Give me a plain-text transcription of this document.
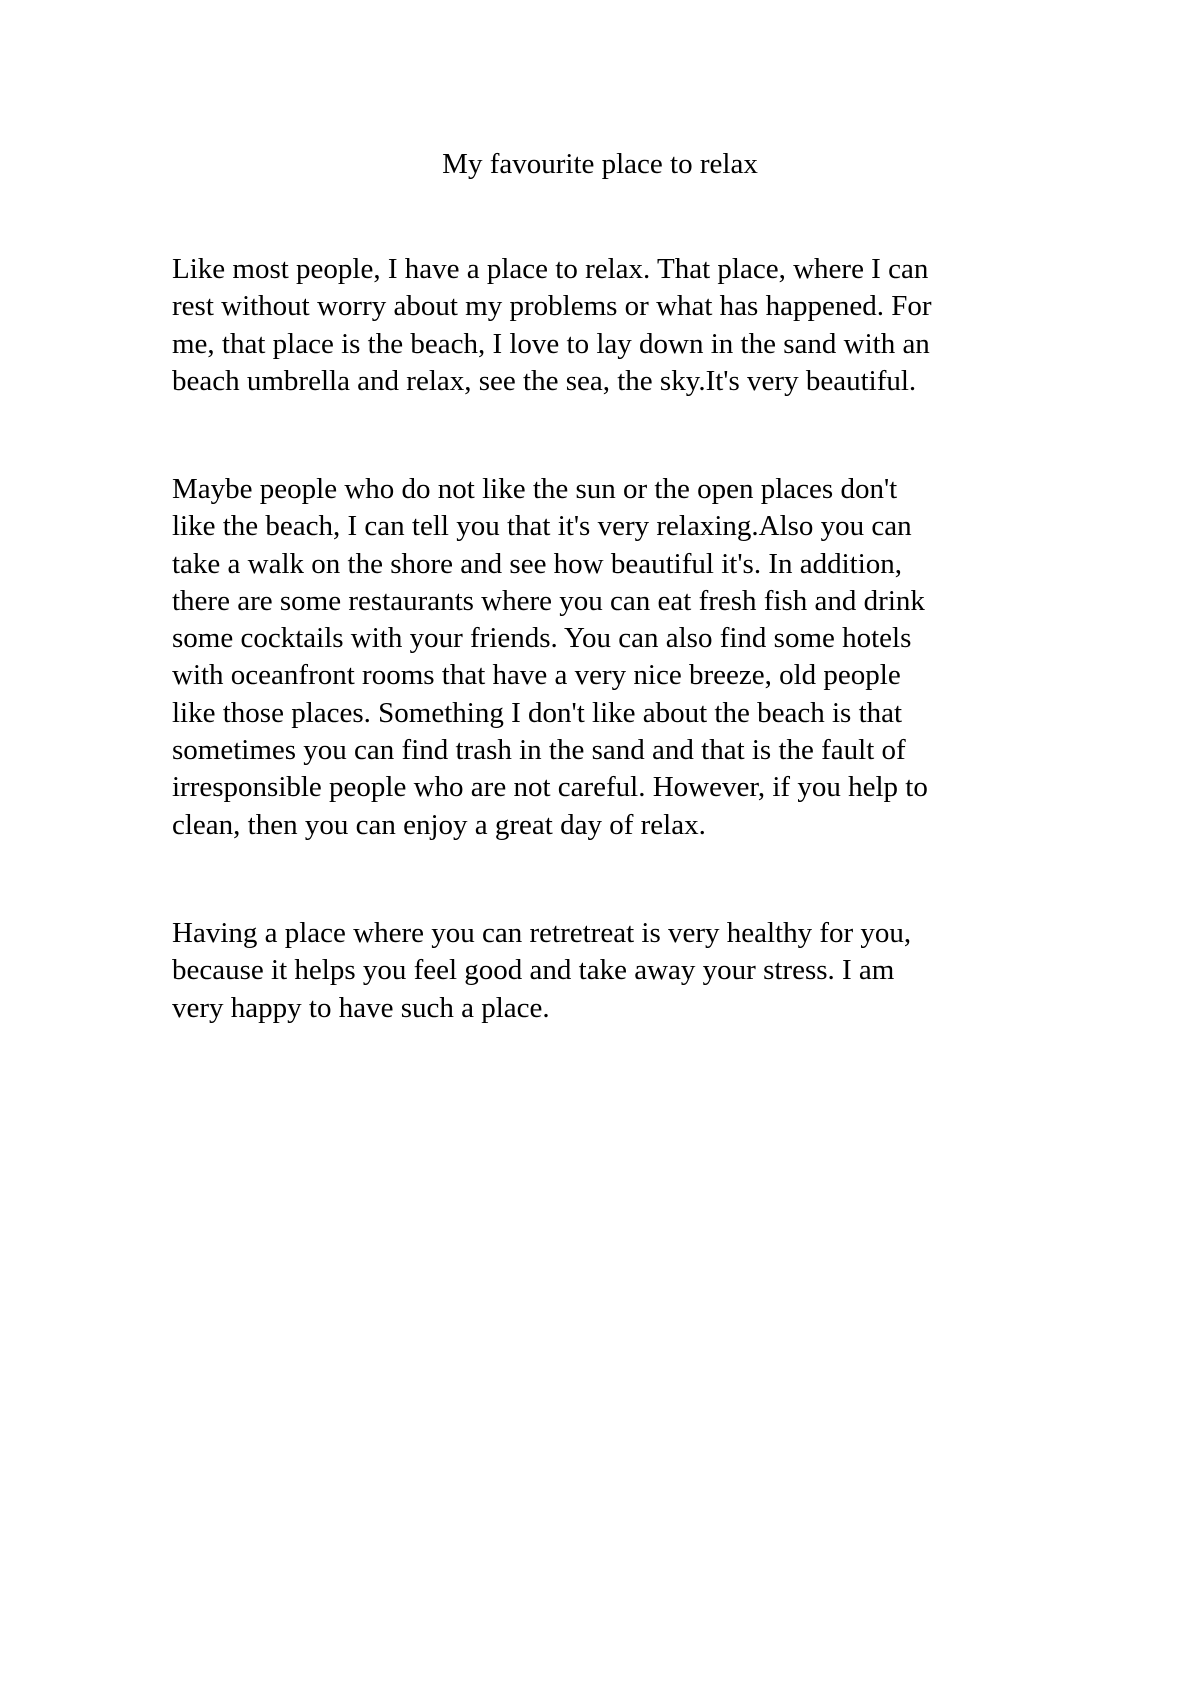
My favourite place to relax

Like most people, I have a place to relax. That place, where I can
rest without worry about my problems or what has happened. For
me, that place is the beach, I love to lay down in the sand with an
beach umbrella and relax, see the sea, the sky.It's very beautiful.

Maybe people who do not like the sun or the open places don't
like the beach, I can tell you that it's very relaxing.Also you can
take a walk on the shore and see how beautiful it's. In addition,
there are some restaurants where you can eat fresh fish and drink
some cocktails with your friends. You can also find some hotels
with oceanfront rooms that have a very nice breeze, old people
like those places. Something I don't like about the beach is that
sometimes you can find trash in the sand and that is the fault of
irresponsible people who are not careful. However, if you help to
clean, then you can enjoy a great day of relax.

Having a place where you can retretreat is very healthy for you,
because it helps you feel good and take away your stress. I am
very happy to have such a place.
